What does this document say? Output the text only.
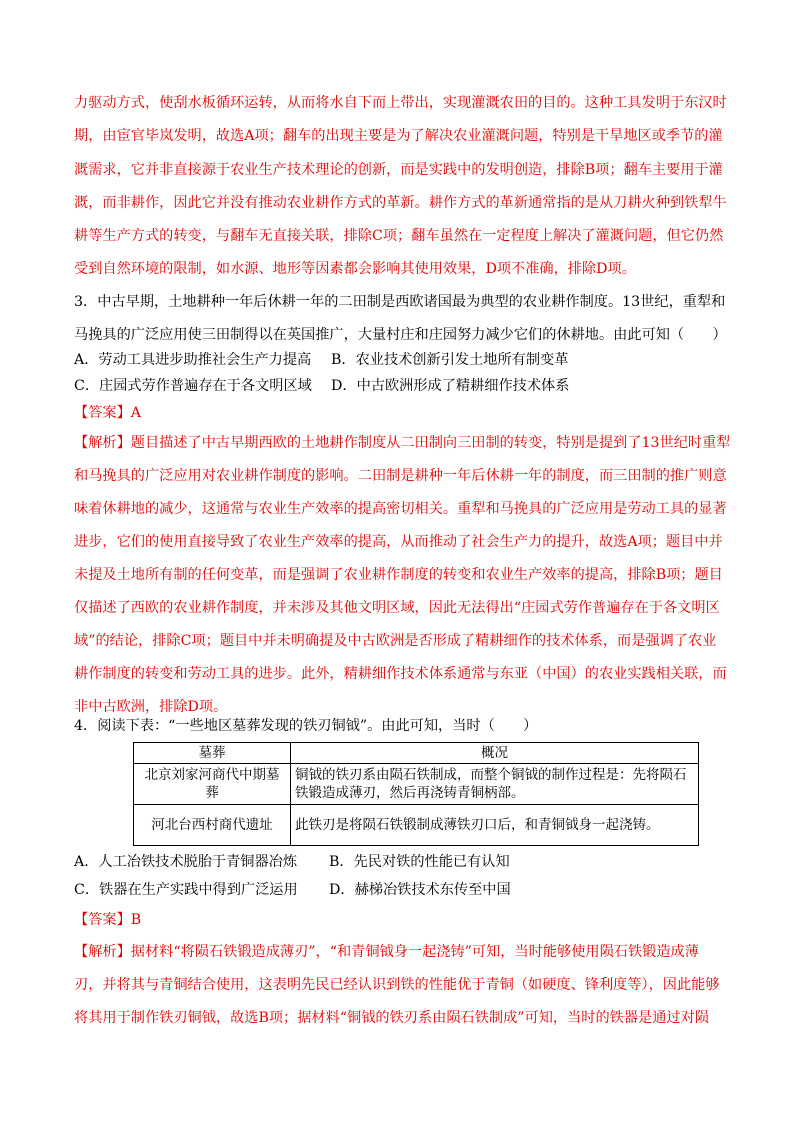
力驱动方式，使刮水板循环运转，从而将水自下而上带出，实现灌溉农田的目的。这种工具发明于东汉时
期，由宦官毕岚发明，故选A项；翻车的出现主要是为了解决农业灌溉问题，特别是干旱地区或季节的灌
溉需求，它并非直接源于农业生产技术理论的创新，而是实践中的发明创造，排除B项；翻车主要用于灌
溉，而非耕作，因此它并没有推动农业耕作方式的革新。耕作方式的革新通常指的是从刀耕火种到铁犁牛
耕等生产方式的转变，与翻车无直接关联，排除C项；翻车虽然在一定程度上解决了灌溉问题，但它仍然
受到自然环境的限制，如水源、地形等因素都会影响其使用效果，D项不准确，排除D项。
3．中古早期，土地耕种一年后休耕一年的二田制是西欧诸国最为典型的农业耕作制度。13世纪，重犁和
马挽具的广泛应用使三田制得以在英国推广，大量村庄和庄园努力减少它们的休耕地。由此可知（　　）
A．劳动工具进步助推社会生产力提高 B．农业技术创新引发土地所有制变革
C．庄园式劳作普遍存在于各文明区域 D．中古欧洲形成了精耕细作技术体系
【答案】A
【解析】题目描述了中古早期西欧的土地耕作制度从二田制向三田制的转变，特别是提到了13世纪时重犁
和马挽具的广泛应用对农业耕作制度的影响。二田制是耕种一年后休耕一年的制度，而三田制的推广则意
味着休耕地的减少，这通常与农业生产效率的提高密切相关。重犁和马挽具的广泛应用是劳动工具的显著
进步，它们的使用直接导致了农业生产效率的提高，从而推动了社会生产力的提升，故选A项；题目中并
未提及土地所有制的任何变革，而是强调了农业耕作制度的转变和农业生产效率的提高，排除B项；题目
仅描述了西欧的农业耕作制度，并未涉及其他文明区域，因此无法得出“庄园式劳作普遍存在于各文明区
域”的结论，排除C项；题目中并未明确提及中古欧洲是否形成了精耕细作的技术体系，而是强调了农业
耕作制度的转变和劳动工具的进步。此外，精耕细作技术体系通常与东亚（中国）的农业实践相关联，而
非中古欧洲，排除D项。
4．阅读下表：“一些地区墓葬发现的铁刃铜钺”。由此可知，当时（　　）
墓葬	概况
北京刘家河商代中期墓葬	铜钺的铁刃系由陨石铁制成，而整个铜钺的制作过程是：先将陨石铁锻造成薄刃，然后再浇铸青铜柄部。
河北台西村商代遗址	此铁刃是将陨石铁锻制成薄铁刃口后，和青铜钺身一起浇铸。
A．人工冶铁技术脱胎于青铜器冶炼 B．先民对铁的性能已有认知
C．铁器在生产实践中得到广泛运用 D．赫梯冶铁技术东传至中国
【答案】B
【解析】据材料“将陨石铁锻造成薄刃”，“和青铜钺身一起浇铸”可知，当时能够使用陨石铁锻造成薄
刃，并将其与青铜结合使用，这表明先民已经认识到铁的性能优于青铜（如硬度、锋利度等），因此能够
将其用于制作铁刃铜钺，故选B项；据材料“铜钺的铁刃系由陨石铁制成”可知，当时的铁器是通过对陨
